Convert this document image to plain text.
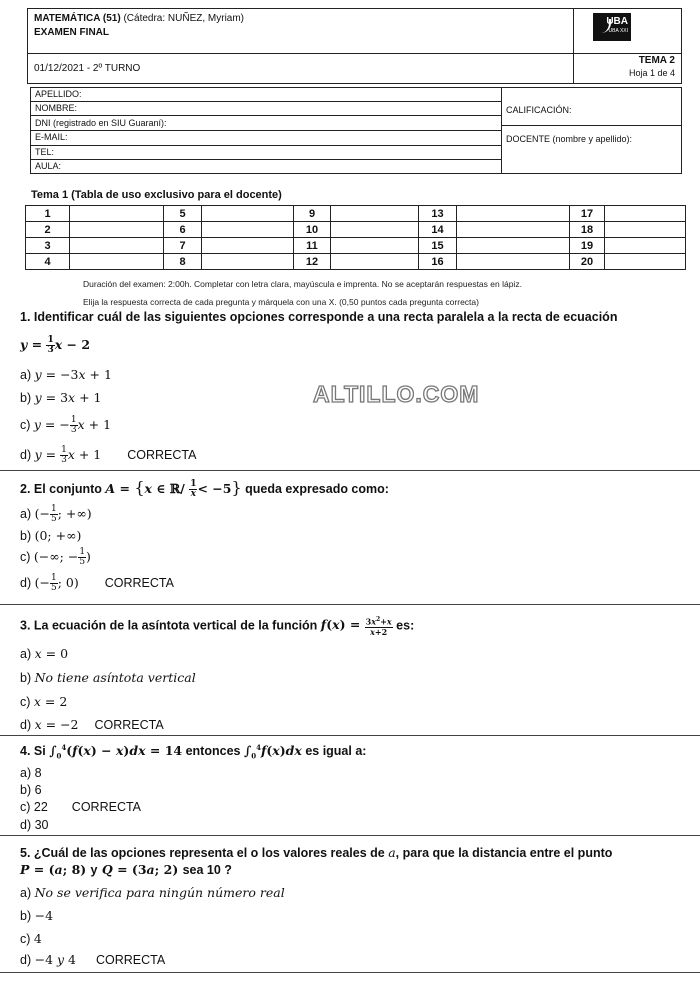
MATEMÁTICA (51) (Cátedra: NUÑEZ, Myriam)
EXAMEN FINAL
01/12/2021 - 2º TURNO
TEMA 2
Hoja 1 de 4
UBA
UBA XXI
APELLIDO:
NOMBRE:
DNI (registrado en SIU Guaraní):
E-MAIL:
TEL:
AULA:
CALIFICACIÓN:
DOCENTE (nombre y apellido):
Tema 1 (Tabla de uso exclusivo para el docente)
1		5		9		13		17	
2		6		10		14		18	
3		7		11		15		19	
4		8		12		16		20	
Duración del examen: 2:00h. Completar con letra clara, mayúscula e imprenta. No se aceptarán respuestas en lápiz.
Elija la respuesta correcta de cada pregunta y márquela con una X. (0,50 puntos cada pregunta correcta)
1. Identificar cuál de las siguientes opciones corresponde a una recta paralela a la recta de ecuación
$y = \frac{1}{3}$ x − 2
a) y = −3x + 1
b) y = 3x + 1
c) y = − $\frac{1}{3}$ x + 1
d) $y = \frac{1}{3}$ x + 1 CORRECTA
ALTILLO.COM
2. El conjunto A = {x ∈ ℝ/ $\frac{1}{x} < -5$} queda expresado como:
a) (− $\frac{1}{5}$ ; +∞)
b) (0; +∞)
c) (−∞; − $\frac{1}{5}$ )
d) (− $\frac{1}{5}$ ; 0) CORRECTA
3. La ecuación de la asíntota vertical de la función $f(x) = \frac{3x^2+x}{x+2}$ es:
a) x = 0
b) No tiene asíntota vertical
c) x = 2
d) x = −2 CORRECTA
4. Si $\int_0^4(f(x) - x)dx = 14$ entonces $\int_0^4f(x)dx$ es igual a:
a) 8
b) 6
c) 22 CORRECTA
d) 30
5. ¿Cuál de las opciones representa el o los valores reales de a, para que la distancia entre el punto
P = (a; 8) y Q = (3a; 2) sea 10 ?
a) No se verifica para ningún número real
b) −4
c) 4
d) −4 y 4 CORRECTA
